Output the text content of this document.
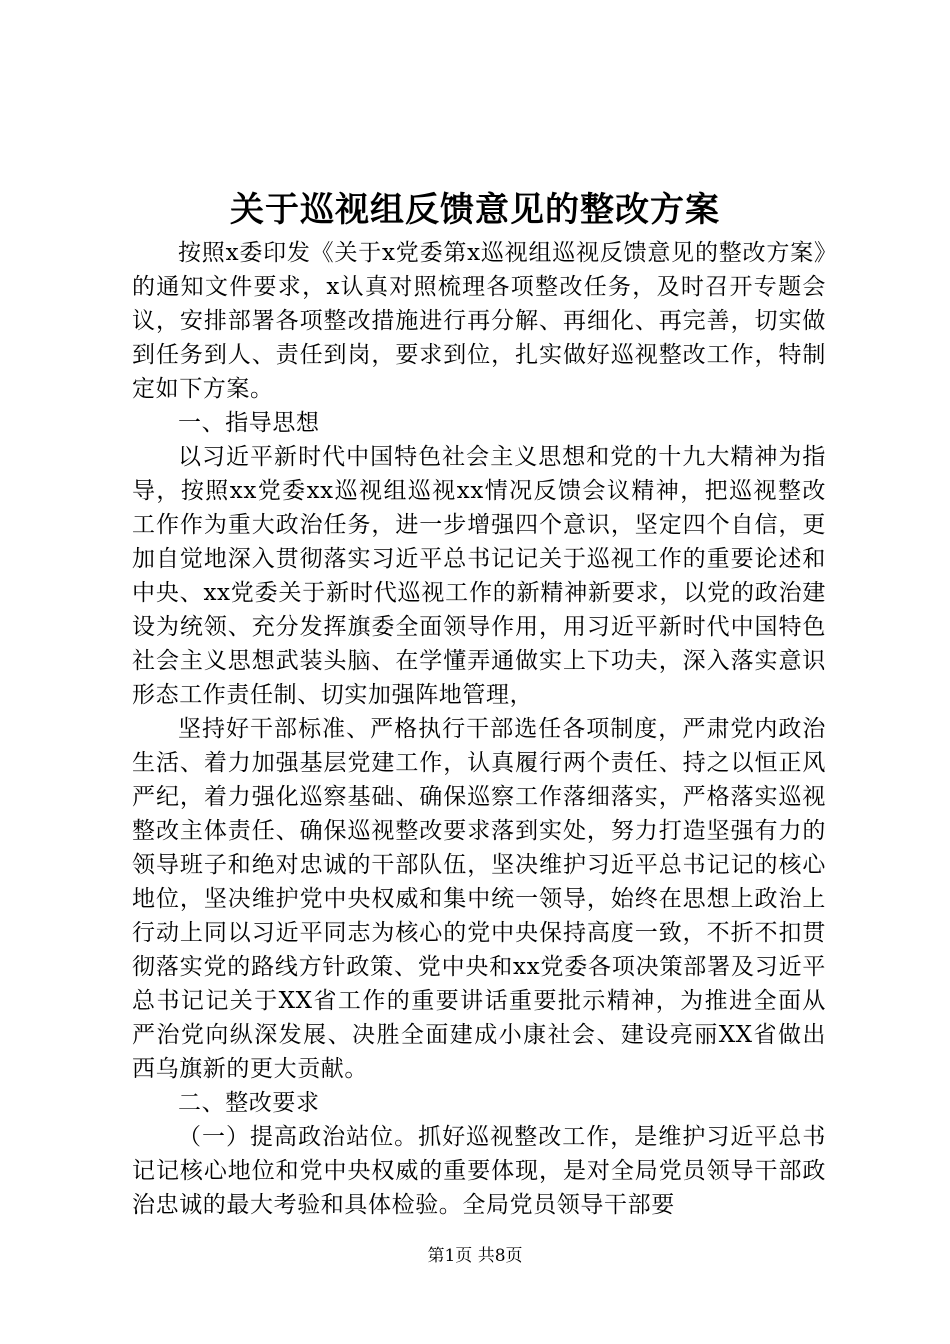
关于巡视组反馈意见的整改方案

按照x委印发《关于x党委第x巡视组巡视反馈意见的整改方案》的通知文件要求，x认真对照梳理各项整改任务，及时召开专题会议，安排部署各项整改措施进行再分解、再细化、再完善，切实做到任务到人、责任到岗，要求到位，扎实做好巡视整改工作，特制定如下方案。

一、指导思想

以习近平新时代中国特色社会主义思想和党的十九大精神为指导，按照xx党委xx巡视组巡视xx情况反馈会议精神，把巡视整改工作作为重大政治任务，进一步增强四个意识，坚定四个自信，更加自觉地深入贯彻落实习近平总书记记关于巡视工作的重要论述和中央、xx党委关于新时代巡视工作的新精神新要求，以党的政治建设为统领、充分发挥旗委全面领导作用，用习近平新时代中国特色社会主义思想武装头脑、在学懂弄通做实上下功夫，深入落实意识形态工作责任制、切实加强阵地管理，

坚持好干部标准、严格执行干部选任各项制度，严肃党内政治生活、着力加强基层党建工作，认真履行两个责任、持之以恒正风严纪，着力强化巡察基础、确保巡察工作落细落实，严格落实巡视整改主体责任、确保巡视整改要求落到实处，努力打造坚强有力的领导班子和绝对忠诚的干部队伍，坚决维护习近平总书记记的核心地位，坚决维护党中央权威和集中统一领导，始终在思想上政治上行动上同以习近平同志为核心的党中央保持高度一致，不折不扣贯彻落实党的路线方针政策、党中央和xx党委各项决策部署及习近平总书记记关于XX省工作的重要讲话重要批示精神，为推进全面从严治党向纵深发展、决胜全面建成小康社会、建设亮丽XX省做出西乌旗新的更大贡献。

二、整改要求

（一）提高政治站位。抓好巡视整改工作，是维护习近平总书记记核心地位和党中央权威的重要体现，是对全局党员领导干部政治忠诚的最大考验和具体检验。全局党员领导干部要

第1页 共8页
